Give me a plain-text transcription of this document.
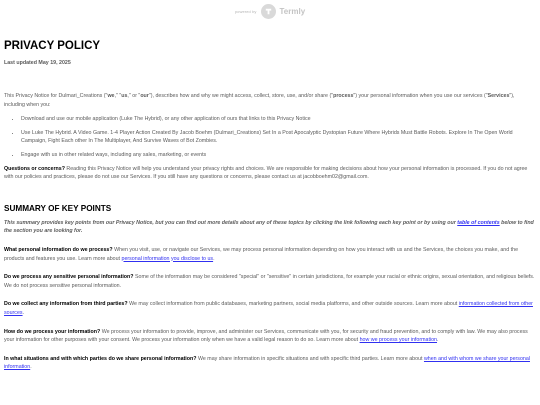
powered by	Termly
PRIVACY POLICY
Last updated May 19, 2025

This Privacy Notice for Dulmari_Creations ("we," "us," or "our"), describes how and why we might access, collect, store, use, and/or share ("process") your personal information when you use our services ("Services"), including when you:

• Download and use our mobile application (Luke The Hybrid), or any other application of ours that links to this Privacy Notice
• Use Luke The Hybrid. A Video Game. 1-4 Player Action Created By Jacob Boehm (Dulmari_Creations) Set In a Post Apocalyptic Dystopian Future Where Hybrids Must Battle Robots. Explore In The Open World Campaign, Fight Each other In The Multiplayer, And Survive Waves of Bot Zombies.
• Engage with us in other related ways, including any sales, marketing, or events

Questions or concerns? Reading this Privacy Notice will help you understand your privacy rights and choices. We are responsible for making decisions about how your personal information is processed. If you do not agree with our policies and practices, please do not use our Services. If you still have any questions or concerns, please contact us at jacobboehm02@gmail.com.

SUMMARY OF KEY POINTS

This summary provides key points from our Privacy Notice, but you can find out more details about any of these topics by clicking the link following each key point or by using our table of contents below to find the section you are looking for.

What personal information do we process? When you visit, use, or navigate our Services, we may process personal information depending on how you interact with us and the Services, the choices you make, and the products and features you use. Learn more about personal information you disclose to us.

Do we process any sensitive personal information? Some of the information may be considered "special" or "sensitive" in certain jurisdictions, for example your racial or ethnic origins, sexual orientation, and religious beliefs. We do not process sensitive personal information.

Do we collect any information from third parties? We may collect information from public databases, marketing partners, social media platforms, and other outside sources. Learn more about information collected from other sources.

How do we process your information? We process your information to provide, improve, and administer our Services, communicate with you, for security and fraud prevention, and to comply with law. We may also process your information for other purposes with your consent. We process your information only when we have a valid legal reason to do so. Learn more about how we process your information.

In what situations and with which parties do we share personal information? We may share information in specific situations and with specific third parties. Learn more about when and with whom we share your personal information.
